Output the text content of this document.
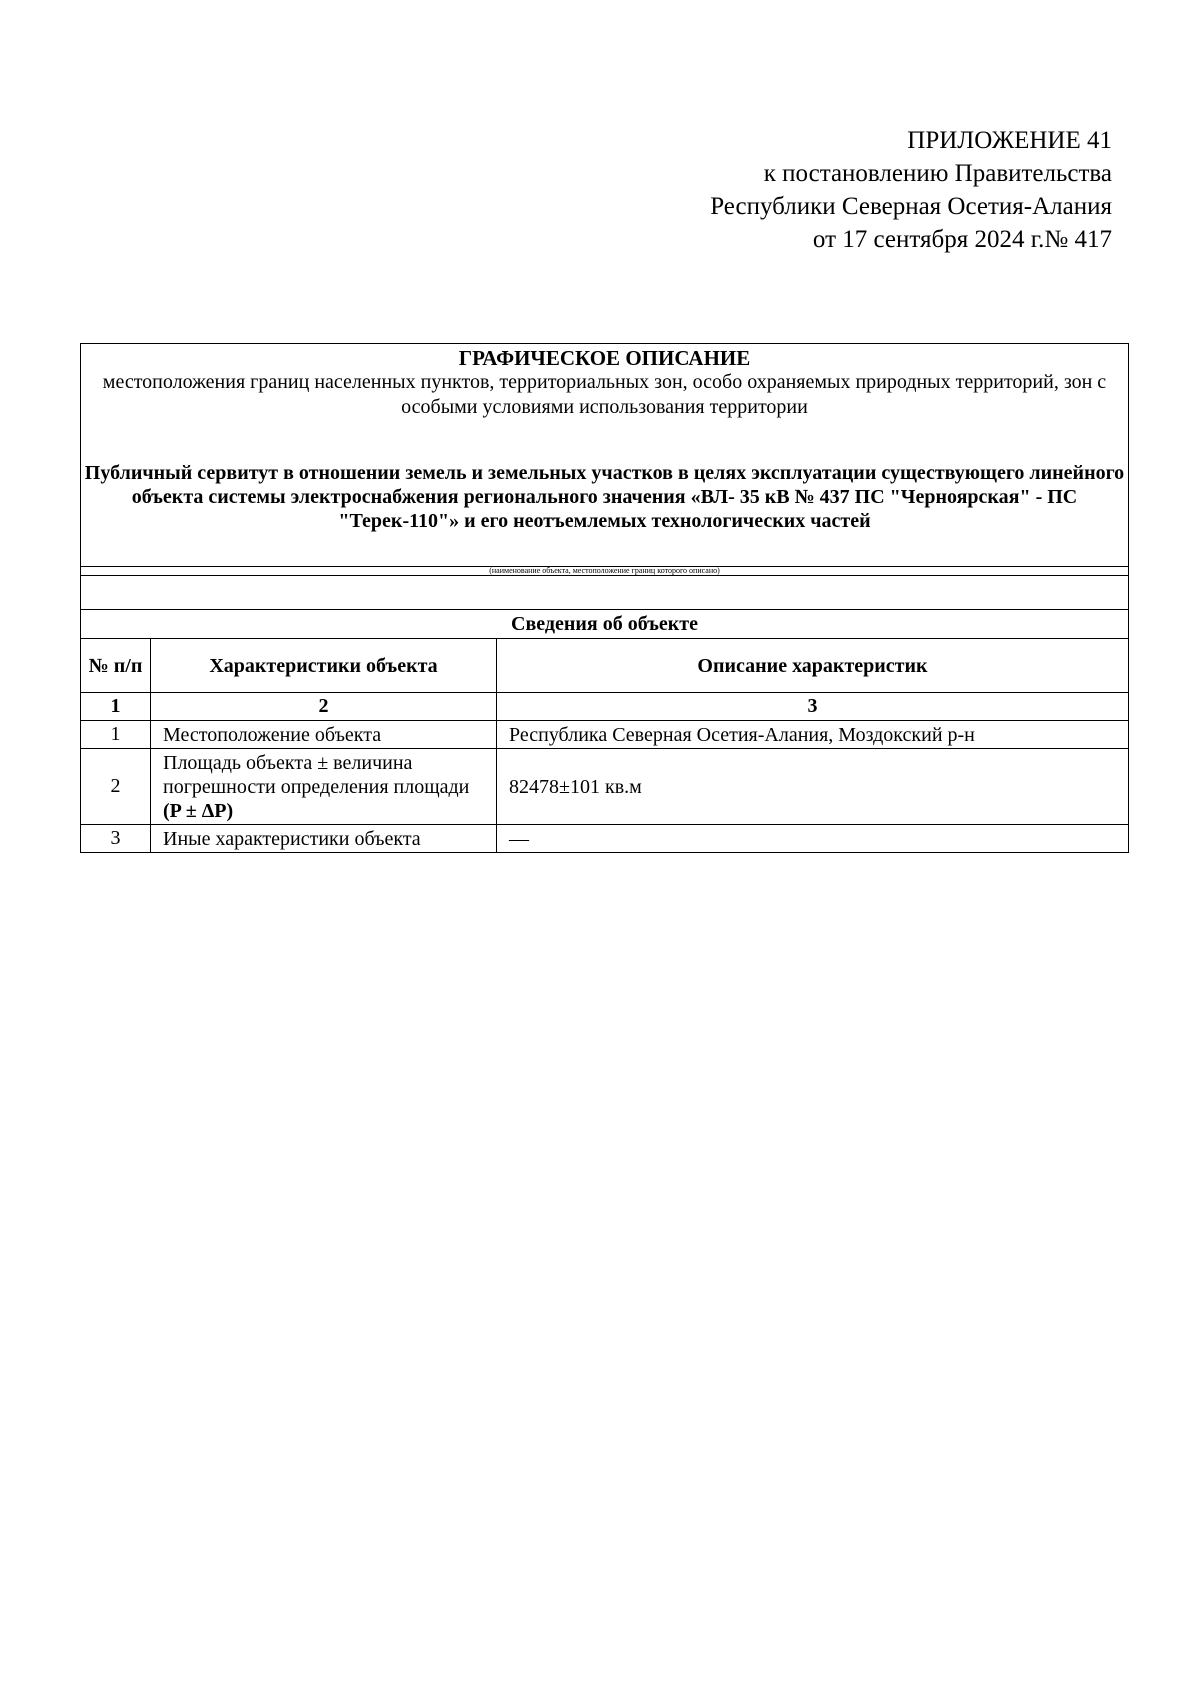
ПРИЛОЖЕНИЕ 41
к постановлению Правительства
Республики Северная Осетия-Алания
от 17 сентября 2024 г.№ 417
ГРАФИЧЕСКОЕ ОПИСАНИЕ
местоположения границ населенных пунктов, территориальных зон, особо охраняемых природных территорий, зон с особыми условиями использования территории
Публичный сервитут в отношении земель и земельных участков в целях эксплуатации существующего линейного объекта системы электроснабжения регионального значения «ВЛ- 35 кВ № 437 ПС "Черноярская" - ПС "Терек-110"» и его неотъемлемых технологических частей		

(наименование объекта, местоположение границ которого описано)		

Сведения об объекте		
№ п/п	Характеристики объекта	Описание характеристик
1	2	3
1	Местоположение объекта	Республика Северная Осетия-Алания, Моздокский р-н
2	Площадь объекта ± величина погрешности определения площади (P ± ΔP)	82478±101 кв.м
3	Иные характеристики объекта	—
